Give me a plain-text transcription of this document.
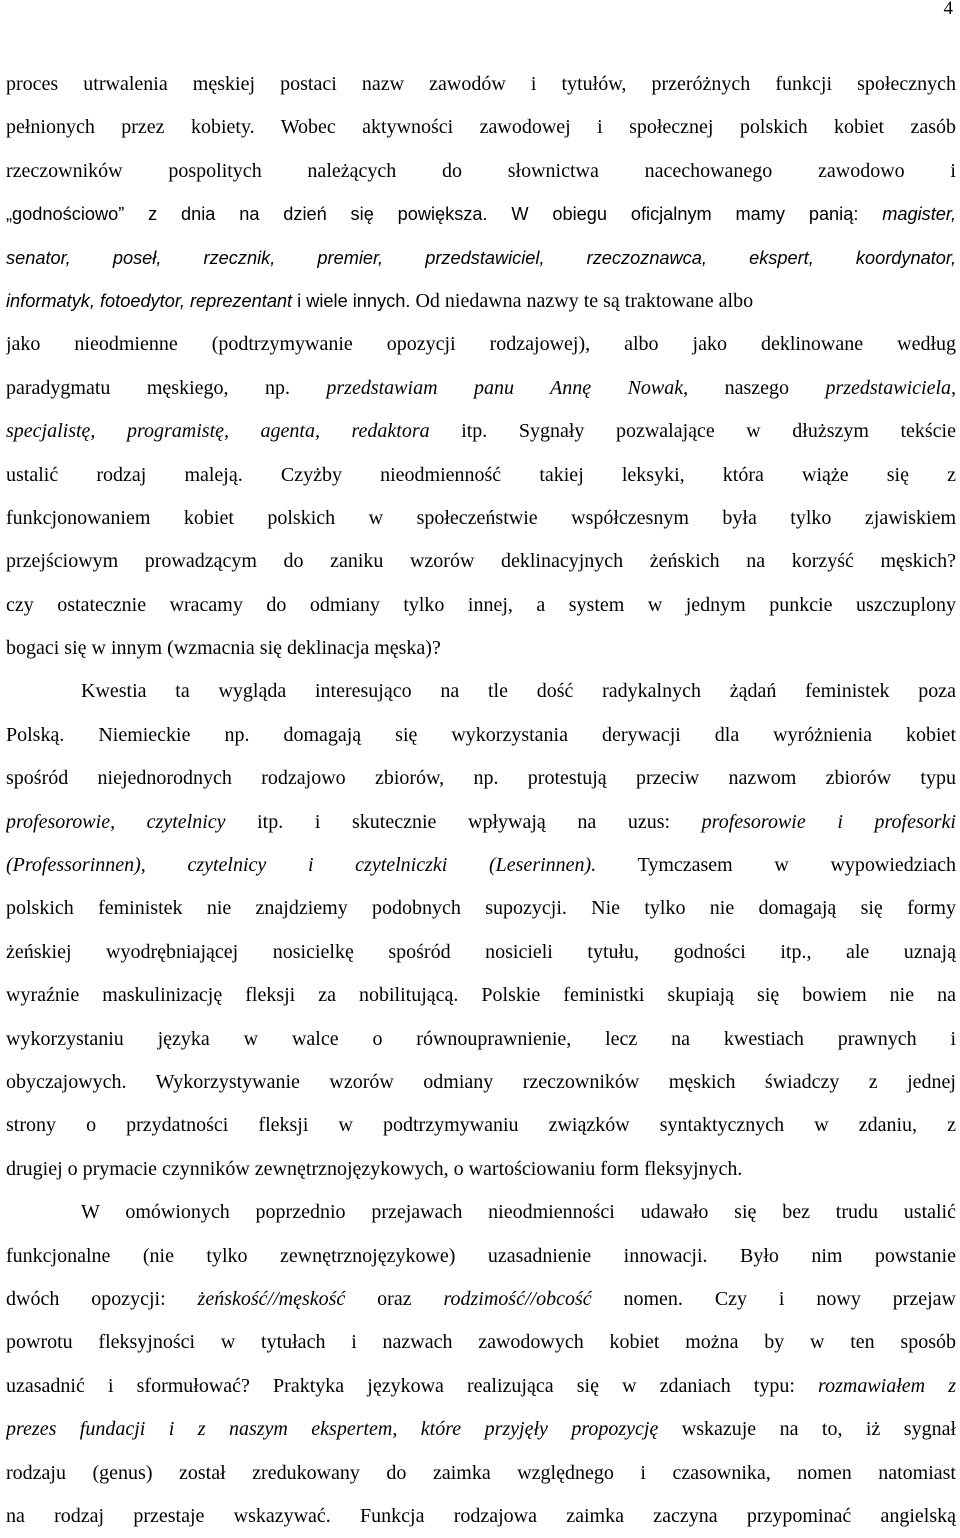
4
proces utrwalenia męskiej postaci nazw zawodów i tytułów, przeróżnych funkcji społecznych
pełnionych przez kobiety. Wobec aktywności zawodowej i społecznej polskich kobiet zasób
rzeczowników pospolitych należących do słownictwa nacechowanego zawodowo i
„godnościowo” z dnia na dzień się powiększa. W obiegu oficjalnym mamy panią: magister,
senator, poseł, rzecznik, premier, przedstawiciel, rzeczoznawca, ekspert, koordynator,
informatyk, fotoedytor, reprezentant i wiele innych. Od niedawna nazwy te są traktowane albo
jako nieodmienne (podtrzymywanie opozycji rodzajowej), albo jako deklinowane według
paradygmatu męskiego, np. przedstawiam panu Annę Nowak, naszego przedstawiciela,
specjalistę, programistę, agenta, redaktora itp. Sygnały pozwalające w dłuższym tekście
ustalić rodzaj maleją. Czyżby nieodmienność takiej leksyki, która wiąże się z
funkcjonowaniem kobiet polskich w społeczeństwie współczesnym była tylko zjawiskiem
przejściowym prowadzącym do zaniku wzorów deklinacyjnych żeńskich na korzyść męskich?
czy ostatecznie wracamy do odmiany tylko innej, a system w jednym punkcie uszczuplony
bogaci się w innym (wzmacnia się deklinacja męska)?
Kwestia ta wygląda interesująco na tle dość radykalnych żądań feministek poza
Polską. Niemieckie np. domagają się wykorzystania derywacji dla wyróżnienia kobiet
spośród niejednorodnych rodzajowo zbiorów, np. protestują przeciw nazwom zbiorów typu
profesorowie, czytelnicy itp. i skutecznie wpływają na uzus: profesorowie i profesorki
(Professorinnen), czytelnicy i czytelniczki (Leserinnen). Tymczasem w wypowiedziach
polskich feministek nie znajdziemy podobnych supozycji. Nie tylko nie domagają się formy
żeńskiej wyodrębniającej nosicielkę spośród nosicieli tytułu, godności itp., ale uznają
wyraźnie maskulinizację fleksji za nobilitującą. Polskie feministki skupiają się bowiem nie na
wykorzystaniu języka w walce o równouprawnienie, lecz na kwestiach prawnych i
obyczajowych. Wykorzystywanie wzorów odmiany rzeczowników męskich świadczy z jednej
strony o przydatności fleksji w podtrzymywaniu związków syntaktycznych w zdaniu, z
drugiej o prymacie czynników zewnętrznojęzykowych, o wartościowaniu form fleksyjnych.
W omówionych poprzednio przejawach nieodmienności udawało się bez trudu ustalić
funkcjonalne (nie tylko zewnętrznojęzykowe) uzasadnienie innowacji. Było nim powstanie
dwóch opozycji: żeńskość//męskość oraz rodzimość//obcość nomen. Czy i nowy przejaw
powrotu fleksyjności w tytułach i nazwach zawodowych kobiet można by w ten sposób
uzasadnić i sformułować? Praktyka językowa realizująca się w zdaniach typu: rozmawiałem z
prezes fundacji i z naszym ekspertem, które przyjęły propozycję wskazuje na to, iż sygnał
rodzaju (genus) został zredukowany do zaimka względnego i czasownika, nomen natomiast
na rodzaj przestaje wskazywać. Funkcja rodzajowa zaimka zaczyna przypominać angielską
